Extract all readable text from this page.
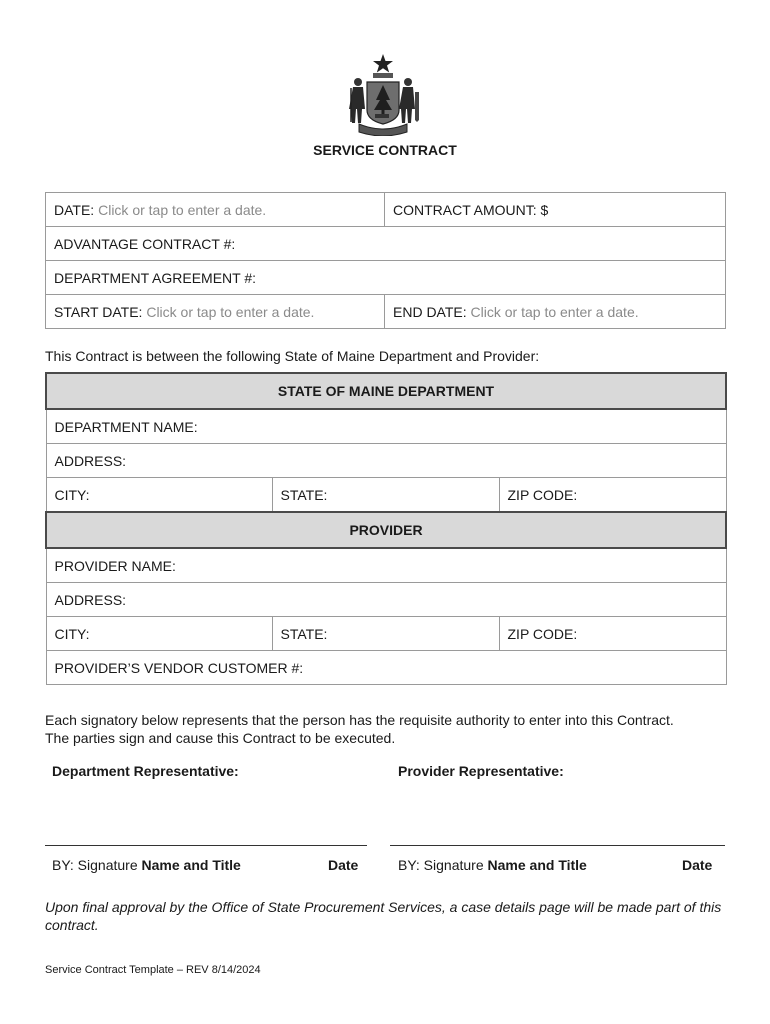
SERVICE CONTRACT
DATE: Click or tap to enter a date.	CONTRACT AMOUNT: $
ADVANTAGE CONTRACT #:	
DEPARTMENT AGREEMENT #:	
START DATE: Click or tap to enter a date.	END DATE: Click or tap to enter a date.
This Contract is between the following State of Maine Department and Provider:
STATE OF MAINE DEPARTMENT		
DEPARTMENT NAME:		
ADDRESS:		
CITY:	STATE:	ZIP CODE:
PROVIDER		
PROVIDER NAME:		
ADDRESS:		
CITY:	STATE:	ZIP CODE:
PROVIDER’S VENDOR CUSTOMER #:		
Each signatory below represents that the person has the requisite authority to enter into this Contract.
The parties sign and cause this Contract to be executed.
Department Representative:	Provider Representative:
BY: Signature Name and Title	Date	BY: Signature Name and Title	Date
Upon final approval by the Office of State Procurement Services, a case details page will be made part of this contract.
Service Contract Template – REV 8/14/2024
